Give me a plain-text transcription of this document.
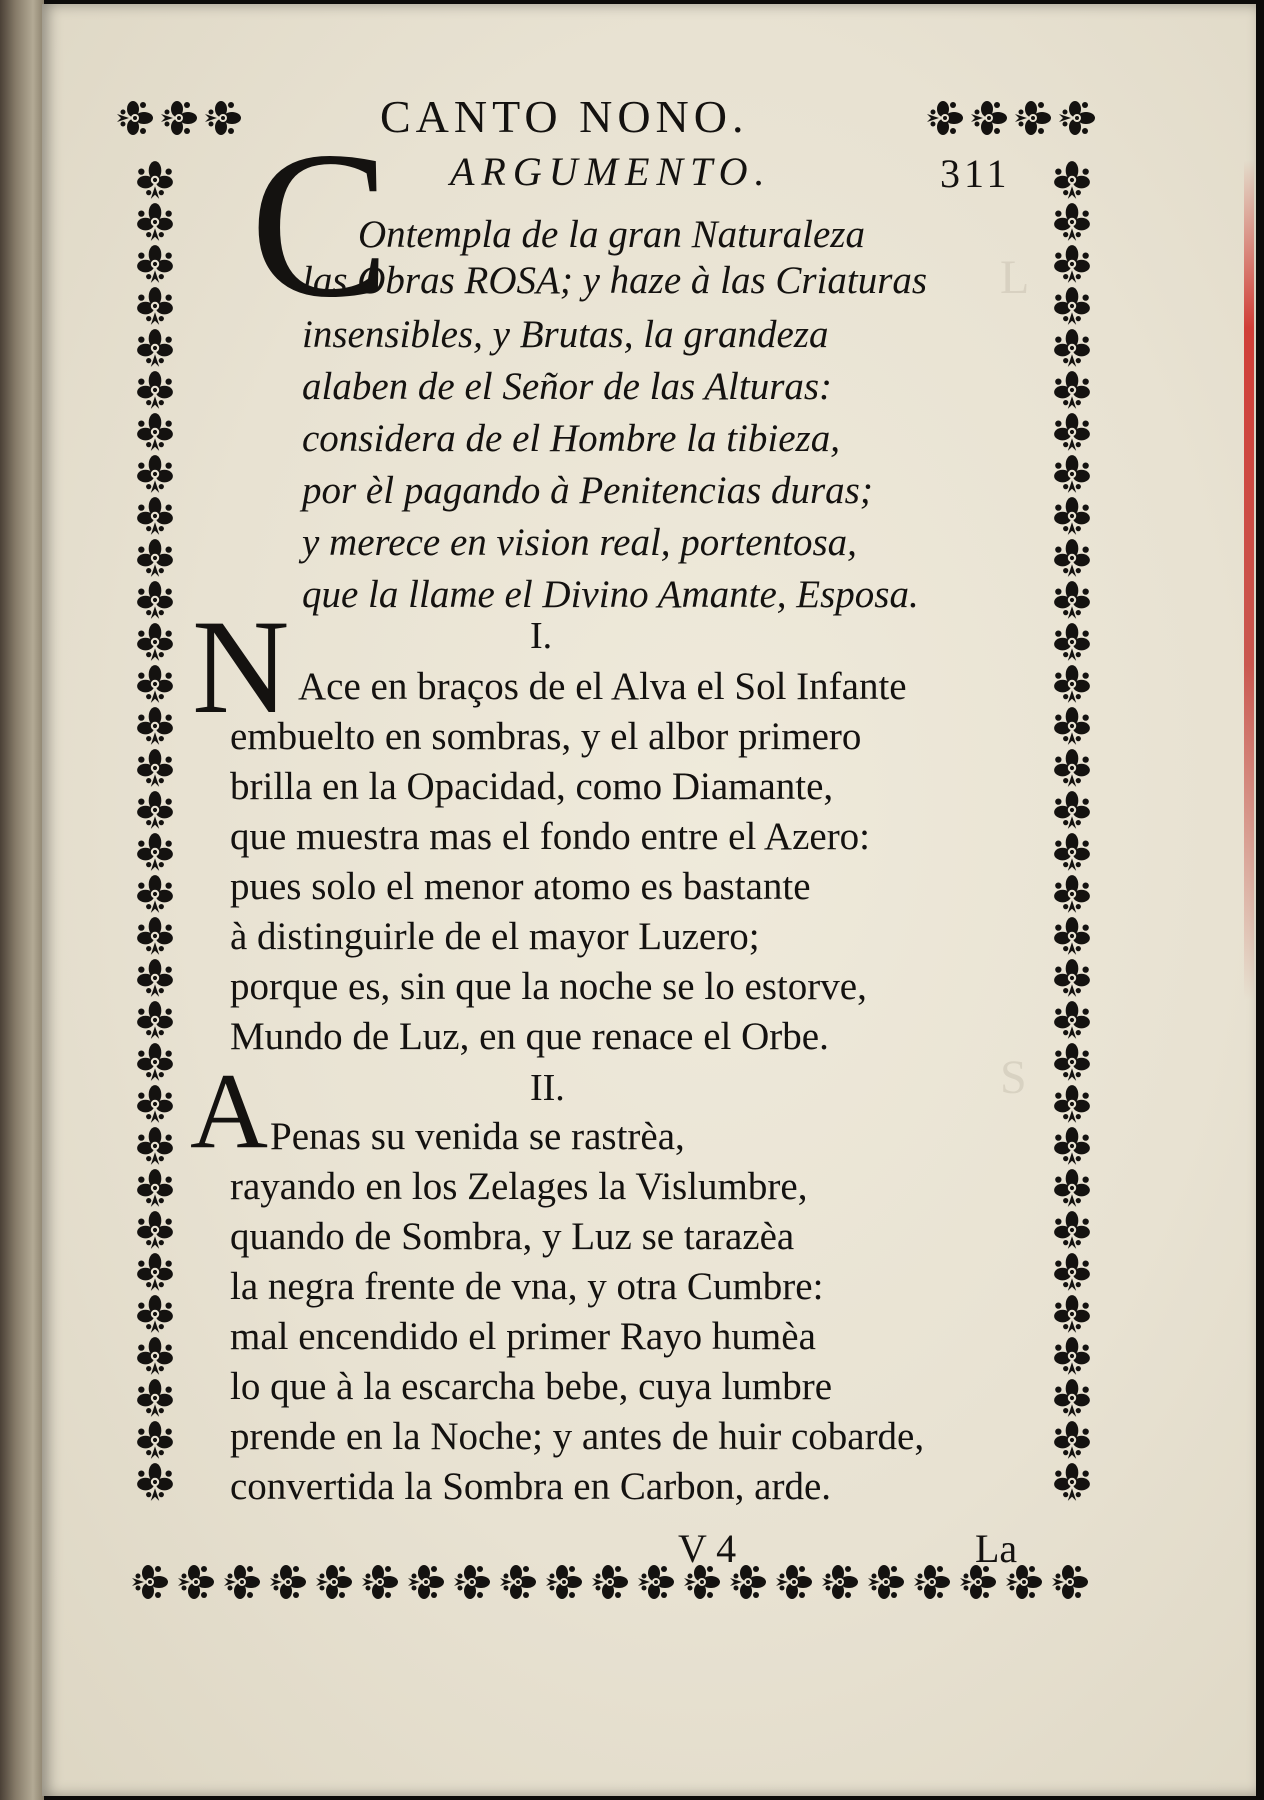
L
S
CANTO NONO.
ARGUMENTO.	311
C
Ontempla de la gran Naturaleza
las Obras ROSA; y haze à las Criaturas
insensibles, y Brutas, la grandeza
alaben de el Señor de las Alturas:
considera de el Hombre la tibieza,
por èl pagando à Penitencias duras;
y merece en vision real, portentosa,
que la llame el Divino Amante, Esposa.
I.
N Ace en braços de el Alva el Sol Infante
embuelto en sombras, y el albor primero
brilla en la Opacidad, como Diamante,
que muestra mas el fondo entre el Azero:
pues solo el menor atomo es bastante
à distinguirle de el mayor Luzero;
porque es, sin que la noche se lo estorve,
Mundo de Luz, en que renace el Orbe.
II.
A Penas su venida se rastrèa,
rayando en los Zelages la Vislumbre,
quando de Sombra, y Luz se tarazèa
la negra frente de vna, y otra Cumbre:
mal encendido el primer Rayo humèa
lo que à la escarcha bebe, cuya lumbre
prende en la Noche; y antes de huir cobarde,
convertida la Sombra en Carbon, arde.
V 4	La
